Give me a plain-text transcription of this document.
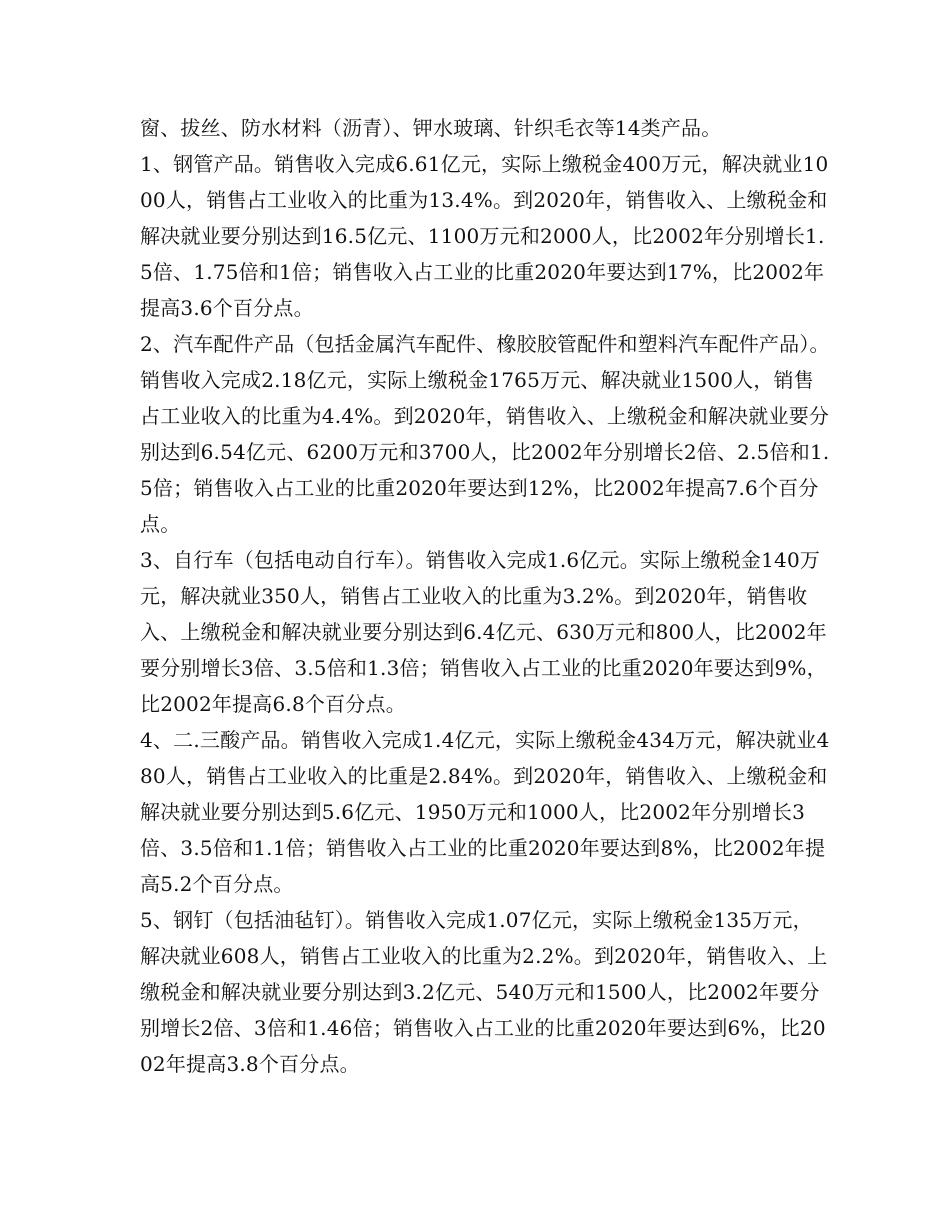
窗、拔丝、防水材料（沥青）、钾水玻璃、针织毛衣等14类产品。

1、钢管产品。销售收入完成6.61亿元，实际上缴税金400万元，解决就业1000人，销售占工业收入的比重为13.4%。到2020年，销售收入、上缴税金和解决就业要分别达到16.5亿元、1100万元和2000人，比2002年分别增长1.5倍、1.75倍和1倍；销售收入占工业的比重2020年要达到17%，比2002年提高3.6个百分点。

2、汽车配件产品（包括金属汽车配件、橡胶胶管配件和塑料汽车配件产品）。销售收入完成2.18亿元，实际上缴税金1765万元、解决就业1500人，销售占工业收入的比重为4.4%。到2020年，销售收入、上缴税金和解决就业要分别达到6.54亿元、6200万元和3700人，比2002年分别增长2倍、2.5倍和1.5倍；销售收入占工业的比重2020年要达到12%，比2002年提高7.6个百分点。

3、自行车（包括电动自行车）。销售收入完成1.6亿元。实际上缴税金140万元，解决就业350人，销售占工业收入的比重为3.2%。到2020年，销售收入、上缴税金和解决就业要分别达到6.4亿元、630万元和800人，比2002年要分别增长3倍、3.5倍和1.3倍；销售收入占工业的比重2020年要达到9%，比2002年提高6.8个百分点。

4、二.三酸产品。销售收入完成1.4亿元，实际上缴税金434万元，解决就业480人，销售占工业收入的比重是2.84%。到2020年，销售收入、上缴税金和解决就业要分别达到5.6亿元、1950万元和1000人，比2002年分别增长3倍、3.5倍和1.1倍；销售收入占工业的比重2020年要达到8%，比2002年提高5.2个百分点。

5、钢钉（包括油毡钉）。销售收入完成1.07亿元，实际上缴税金135万元，解决就业608人，销售占工业收入的比重为2.2%。到2020年，销售收入、上缴税金和解决就业要分别达到3.2亿元、540万元和1500人，比2002年要分别增长2倍、3倍和1.46倍；销售收入占工业的比重2020年要达到6%，比2002年提高3.8个百分点。
